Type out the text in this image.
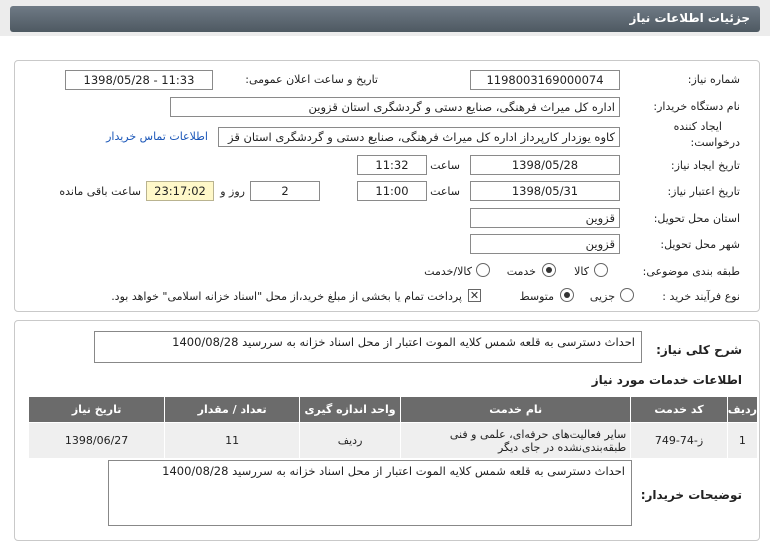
جزئیات اطلاعات نیاز
شماره نیاز:
1198003169000074
تاریخ و ساعت اعلان عمومی:
1398/05/28 - 11:33
نام دستگاه خریدار:
اداره کل میراث فرهنگی، صنایع دستی و گردشگری استان قزوین
ایجاد کننده
درخواست:
کاوه یوزدار کارپرداز اداره کل میراث فرهنگی، صنایع دستی و گردشگری استان قز
اطلاعات تماس خریدار
تاریخ ایجاد نیاز:
1398/05/28
ساعت
11:32
تاریخ اعتبار نیاز:
1398/05/31
ساعت
11:00
2
روز و
23:17:02
ساعت باقی مانده
استان محل تحویل:
قزوین
شهر محل تحویل:
قزوین
طبقه بندی موضوعی:
کالا
خدمت
کالا/خدمت
نوع فرآیند خرید :
جزیی
متوسط
✕
پرداخت تمام یا بخشی از مبلغ خرید،از محل "اسناد خزانه اسلامی" خواهد بود.
شرح کلی نیاز:
احداث دسترسی به قلعه شمس کلایه الموت اعتبار از محل اسناد خزانه به سررسید 1400/08/28
اطلاعات خدمات مورد نیاز
ردیف	کد خدمت	نام خدمت	واحد اندازه گیری	تعداد / مقدار	تاریخ نیاز
1	ز-74-749	سایر فعالیت‌های حرفه‌ای، علمی و فنی طبقه‌بندی‌نشده در جای دیگر	ردیف	11	1398/06/27
توضیحات خریدار:
احداث دسترسی به قلعه شمس کلایه الموت اعتبار از محل اسناد خزانه به سررسید 1400/08/28
